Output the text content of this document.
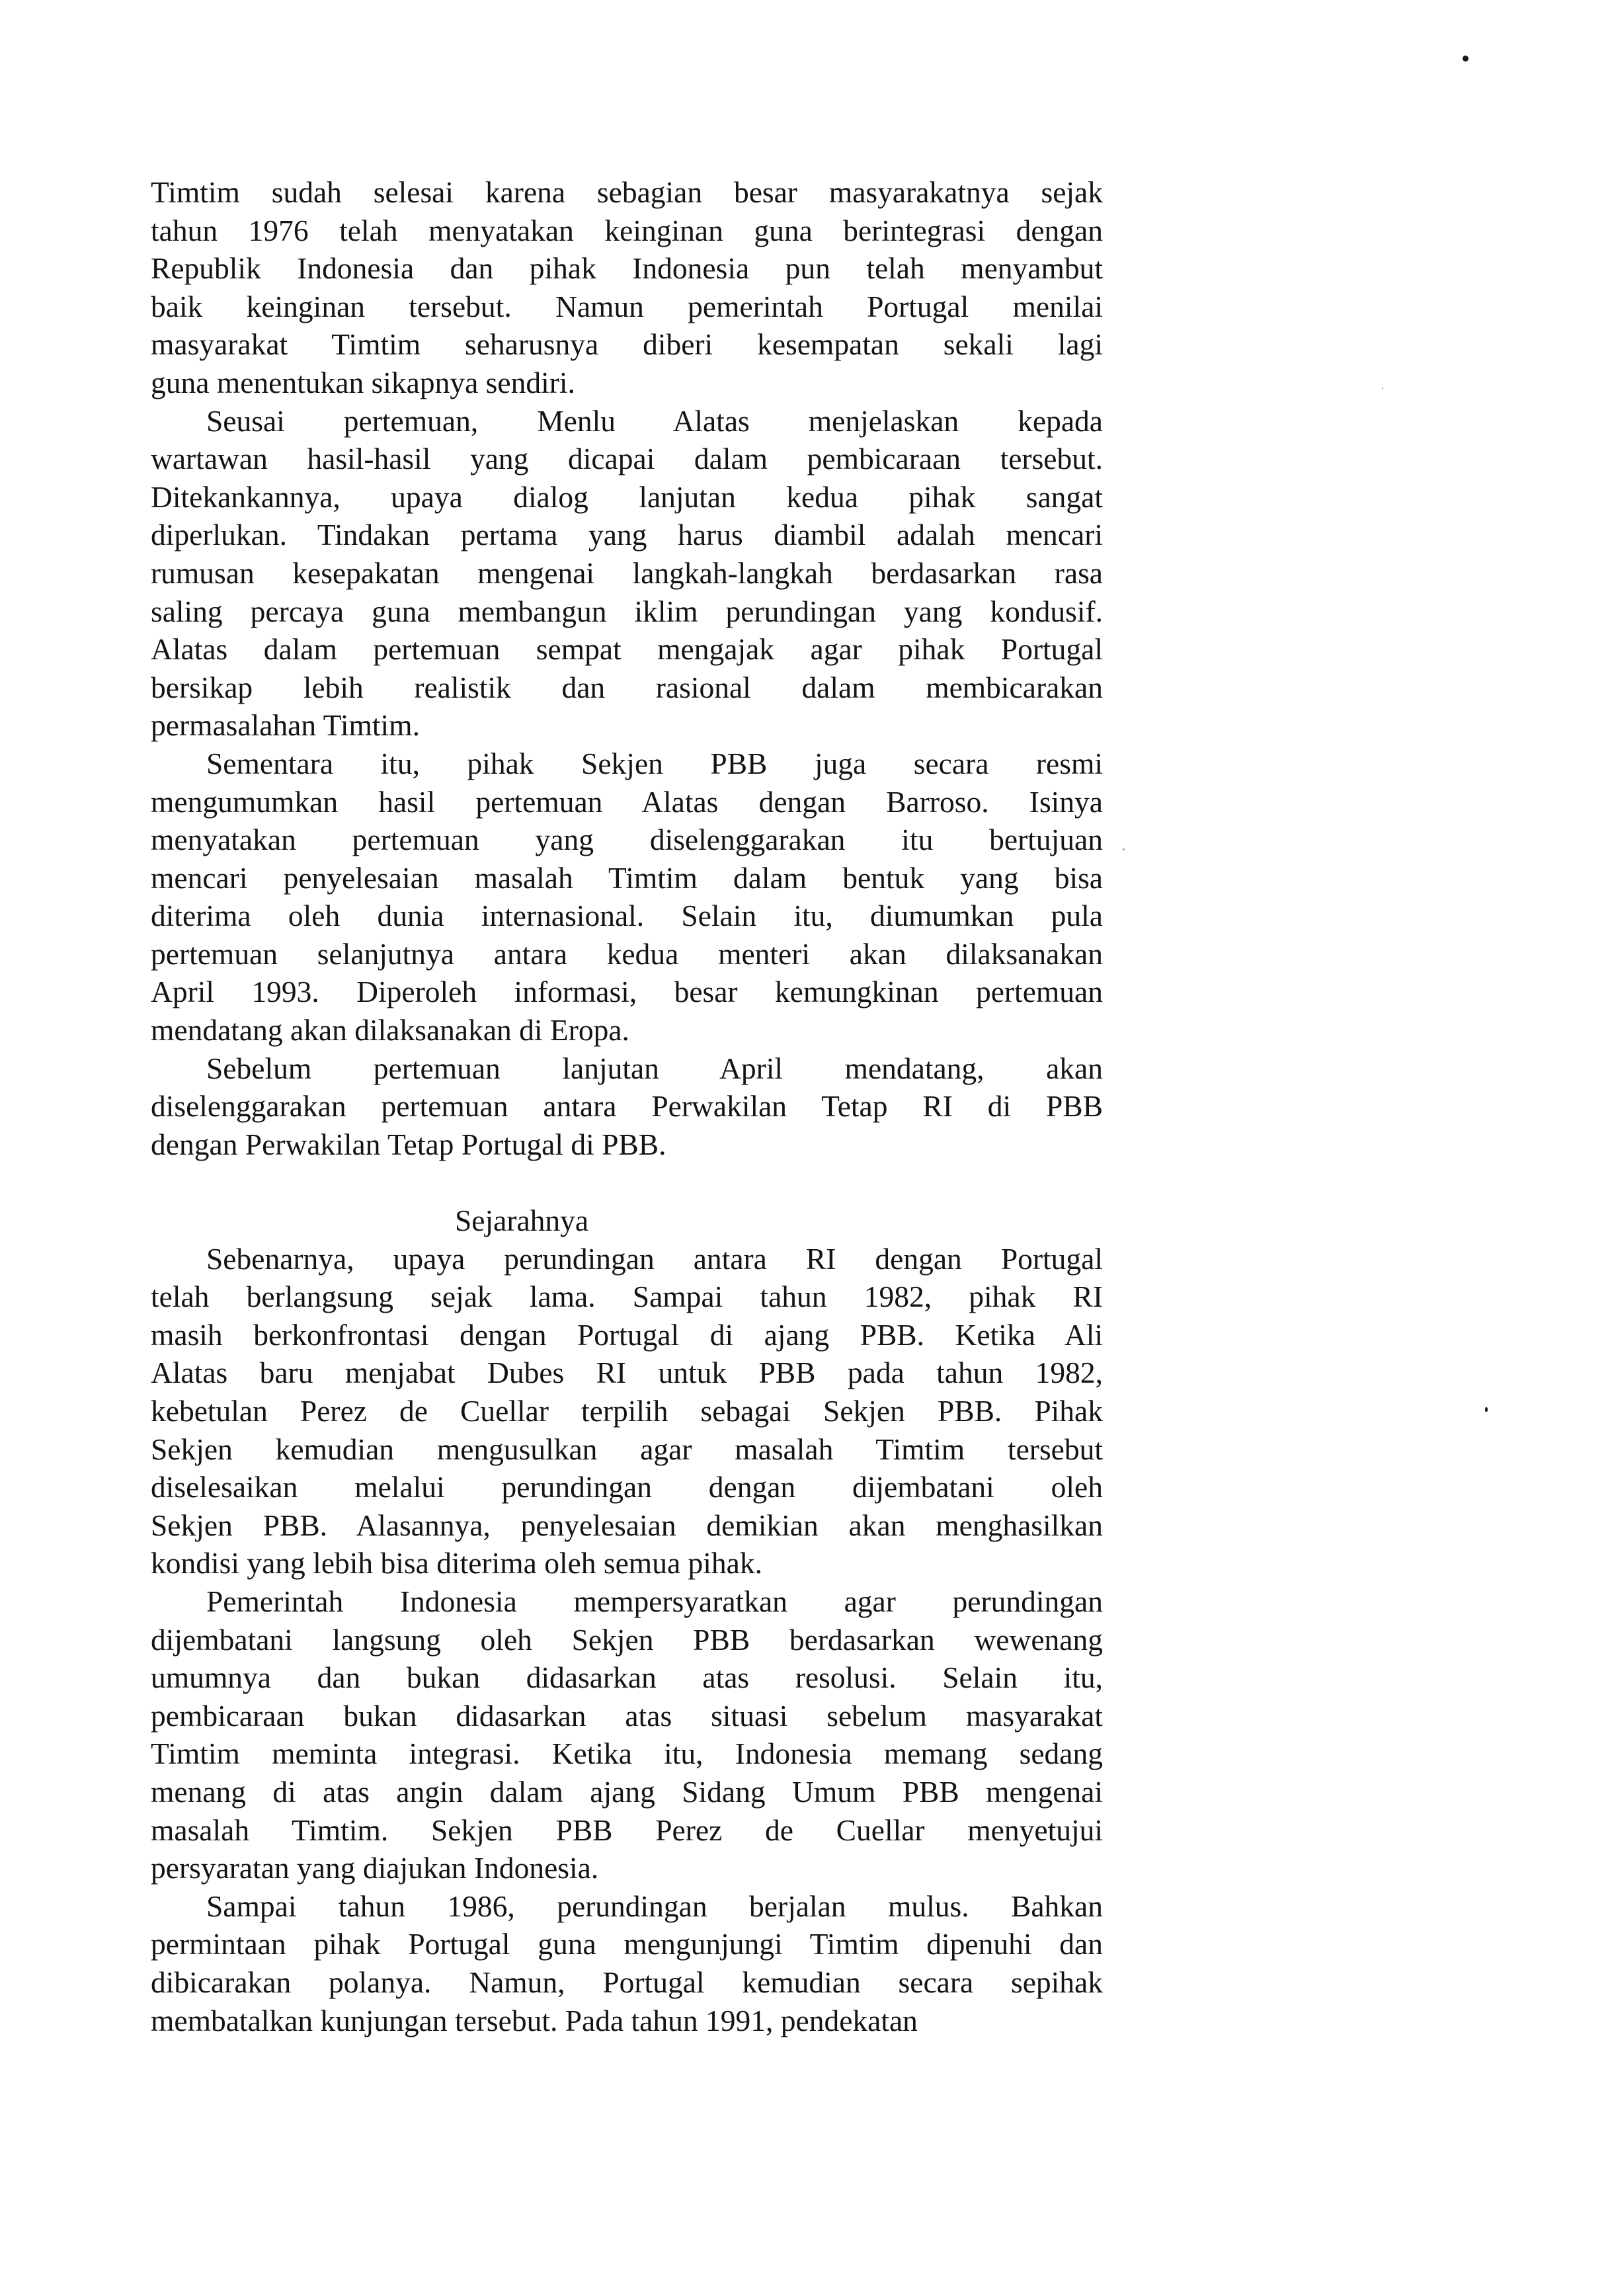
Timtim sudah selesai karena sebagian besar masyarakatnya sejak
tahun 1976 telah menyatakan keinginan guna berintegrasi dengan
Republik Indonesia dan pihak Indonesia pun telah menyambut
baik keinginan tersebut. Namun pemerintah Portugal menilai
masyarakat Timtim seharusnya diberi kesempatan sekali lagi
guna menentukan sikapnya sendiri.
Seusai pertemuan, Menlu Alatas menjelaskan kepada
wartawan hasil-hasil yang dicapai dalam pembicaraan tersebut.
Ditekankannya, upaya dialog lanjutan kedua pihak sangat
diperlukan. Tindakan pertama yang harus diambil adalah mencari
rumusan kesepakatan mengenai langkah-langkah berdasarkan rasa
saling percaya guna membangun iklim perundingan yang kondusif.
Alatas dalam pertemuan sempat mengajak agar pihak Portugal
bersikap lebih realistik dan rasional dalam membicarakan
permasalahan Timtim.
Sementara itu, pihak Sekjen PBB juga secara resmi
mengumumkan hasil pertemuan Alatas dengan Barroso. Isinya
menyatakan pertemuan yang diselenggarakan itu bertujuan
mencari penyelesaian masalah Timtim dalam bentuk yang bisa
diterima oleh dunia internasional. Selain itu, diumumkan pula
pertemuan selanjutnya antara kedua menteri akan dilaksanakan
April 1993. Diperoleh informasi, besar kemungkinan pertemuan
mendatang akan dilaksanakan di Eropa.
Sebelum pertemuan lanjutan April mendatang, akan
diselenggarakan pertemuan antara Perwakilan Tetap RI di PBB
dengan Perwakilan Tetap Portugal di PBB.
Sejarahnya
Sebenarnya, upaya perundingan antara RI dengan Portugal
telah berlangsung sejak lama. Sampai tahun 1982, pihak RI
masih berkonfrontasi dengan Portugal di ajang PBB. Ketika Ali
Alatas baru menjabat Dubes RI untuk PBB pada tahun 1982,
kebetulan Perez de Cuellar terpilih sebagai Sekjen PBB. Pihak
Sekjen kemudian mengusulkan agar masalah Timtim tersebut
diselesaikan melalui perundingan dengan dijembatani oleh
Sekjen PBB. Alasannya, penyelesaian demikian akan menghasilkan
kondisi yang lebih bisa diterima oleh semua pihak.
Pemerintah Indonesia mempersyaratkan agar perundingan
dijembatani langsung oleh Sekjen PBB berdasarkan wewenang
umumnya dan bukan didasarkan atas resolusi. Selain itu,
pembicaraan bukan didasarkan atas situasi sebelum masyarakat
Timtim meminta integrasi. Ketika itu, Indonesia memang sedang
menang di atas angin dalam ajang Sidang Umum PBB mengenai
masalah Timtim. Sekjen PBB Perez de Cuellar menyetujui
persyaratan yang diajukan Indonesia.
Sampai tahun 1986, perundingan berjalan mulus. Bahkan
permintaan pihak Portugal guna mengunjungi Timtim dipenuhi dan
dibicarakan polanya. Namun, Portugal kemudian secara sepihak
membatalkan kunjungan tersebut. Pada tahun 1991, pendekatan
